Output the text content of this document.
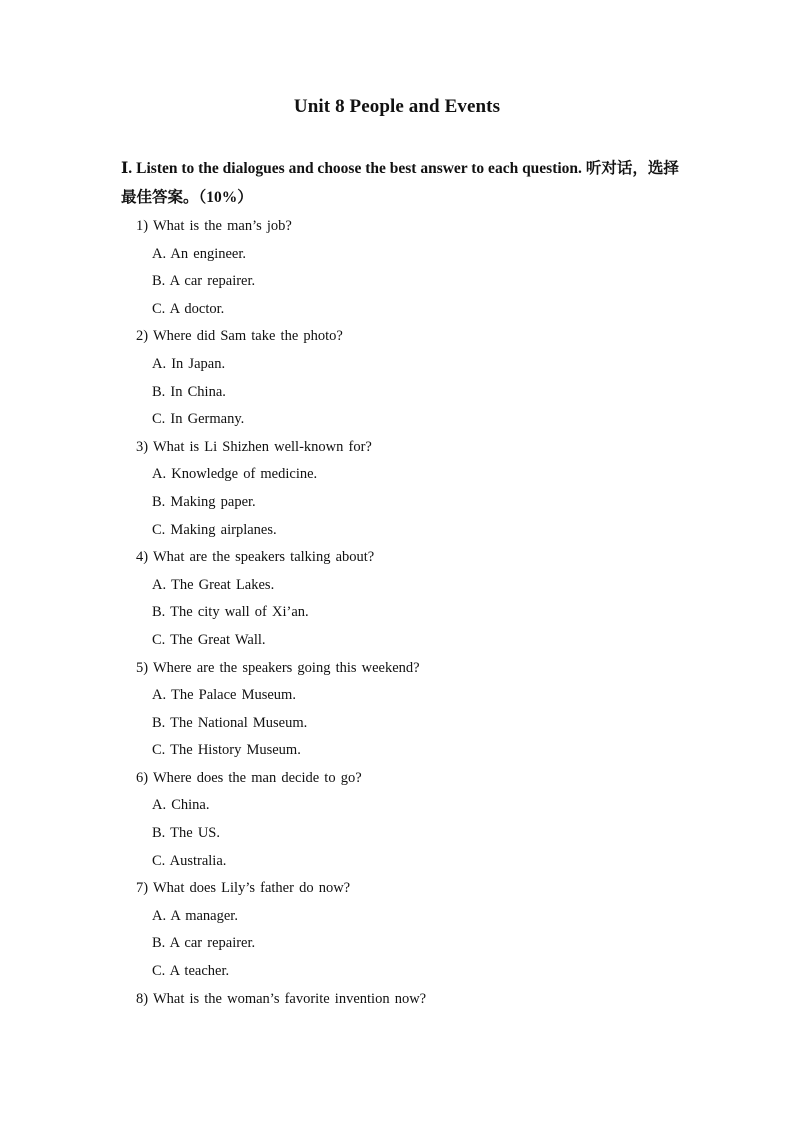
Unit 8 People and Events
Ⅰ. Listen to the dialogues and choose the best answer to each question. 听对话，选择最佳答案。（10%）
1) What is the man’s job?
A. An engineer.
B. A car repairer.
C. A doctor.
2) Where did Sam take the photo?
A. In Japan.
B. In China.
C. In Germany.
3) What is Li Shizhen well-known for?
A. Knowledge of medicine.
B. Making paper.
C. Making airplanes.
4) What are the speakers talking about?
A. The Great Lakes.
B. The city wall of Xi’an.
C. The Great Wall.
5) Where are the speakers going this weekend?
A. The Palace Museum.
B. The National Museum.
C. The History Museum.
6) Where does the man decide to go?
A. China.
B. The US.
C. Australia.
7) What does Lily’s father do now?
A. A manager.
B. A car repairer.
C. A teacher.
8) What is the woman’s favorite invention now?
